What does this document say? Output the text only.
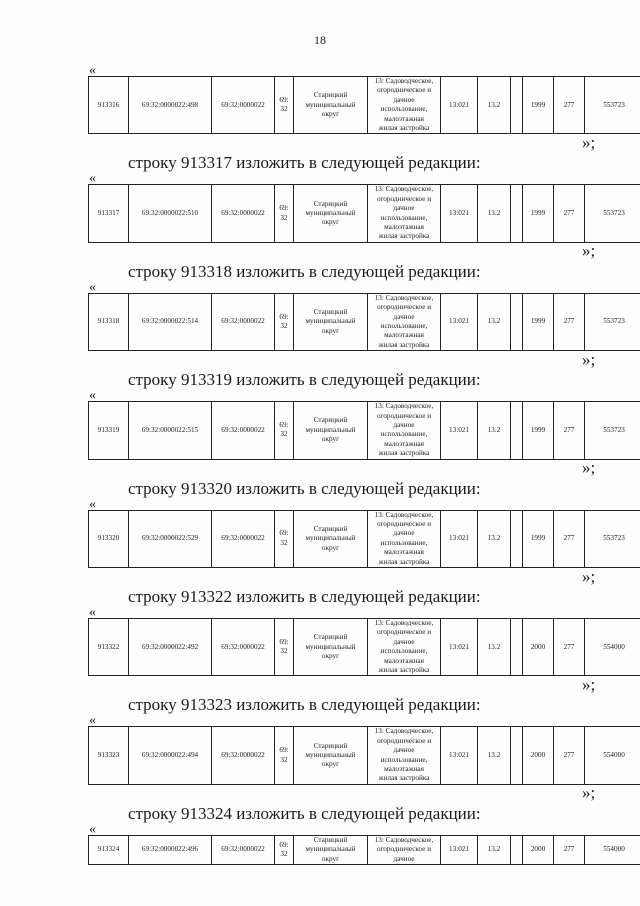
18
«
913316	69:32:0000022:498	69:32:0000022	69:
32	Старицкий
муниципальный
округ	13: Садоводческое,
огородническое и
дачное
использование,
малоэтажная
жилая застройка	13:021	13.2		1999	277	553723
»;
строку 913317 изложить в следующей редакции:
«
913317	69:32:0000022:510	69:32:0000022	69:
32	Старицкий
муниципальный
округ	13: Садоводческое,
огородническое и
дачное
использование,
малоэтажная
жилая застройка	13:021	13.2		1999	277	553723
»;
строку 913318 изложить в следующей редакции:
«
913318	69:32:0000022:514	69:32:0000022	69:
32	Старицкий
муниципальный
округ	13: Садоводческое,
огородническое и
дачное
использование,
малоэтажная
жилая застройка	13:021	13.2		1999	277	553723
»;
строку 913319 изложить в следующей редакции:
«
913319	69:32:0000022:515	69:32:0000022	69:
32	Старицкий
муниципальный
округ	13: Садоводческое,
огородническое и
дачное
использование,
малоэтажная
жилая застройка	13:021	13.2		1999	277	553723
»;
строку 913320 изложить в следующей редакции:
«
913320	69:32:0000022:529	69:32:0000022	69:
32	Старицкий
муниципальный
округ	13: Садоводческое,
огородническое и
дачное
использование,
малоэтажная
жилая застройка	13:021	13.2		1999	277	553723
»;
строку 913322 изложить в следующей редакции:
«
913322	69:32:0000022:492	69:32:0000022	69:
32	Старицкий
муниципальный
округ	13: Садоводческое,
огородническое и
дачное
использование,
малоэтажная
жилая застройка	13:021	13.2		2000	277	554000
»;
строку 913323 изложить в следующей редакции:
«
913323	69:32:0000022:494	69:32:0000022	69:
32	Старицкий
муниципальный
округ	13: Садоводческое,
огородническое и
дачное
использование,
малоэтажная
жилая застройка	13:021	13.2		2000	277	554000
»;
строку 913324 изложить в следующей редакции:
«
913324	69:32:0000022:496	69:32:0000022	69:
32	Старицкий
муниципальный
округ	13: Садоводческое,
огородническое и
дачное	13:021	13.2		2000	277	554000
